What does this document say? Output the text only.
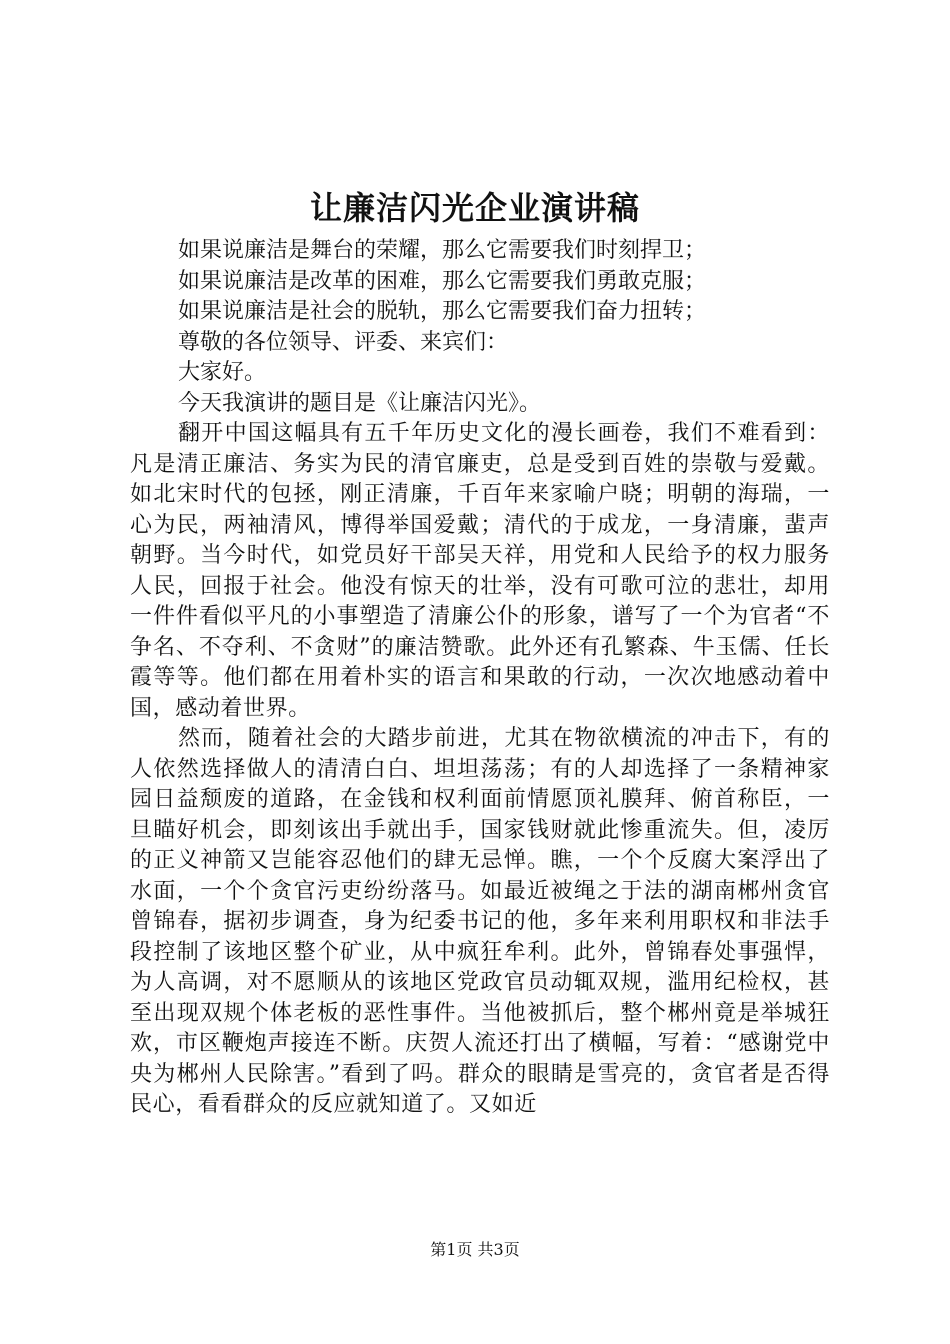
让廉洁闪光企业演讲稿

如果说廉洁是舞台的荣耀，那么它需要我们时刻捍卫；

如果说廉洁是改革的困难，那么它需要我们勇敢克服；

如果说廉洁是社会的脱轨，那么它需要我们奋力扭转；

尊敬的各位领导、评委、来宾们：

大家好。

今天我演讲的题目是《让廉洁闪光》。

翻开中国这幅具有五千年历史文化的漫长画卷，我们不难看到：凡是清正廉洁、务实为民的清官廉吏，总是受到百姓的崇敬与爱戴。如北宋时代的包拯，刚正清廉，千百年来家喻户晓；明朝的海瑞，一心为民，两袖清风，博得举国爱戴；清代的于成龙，一身清廉，蜚声朝野。当今时代，如党员好干部吴天祥，用党和人民给予的权力服务人民，回报于社会。他没有惊天的壮举，没有可歌可泣的悲壮，却用一件件看似平凡的小事塑造了清廉公仆的形象，谱写了一个为官者“不争名、不夺利、不贪财”的廉洁赞歌。此外还有孔繁森、牛玉儒、任长霞等等。他们都在用着朴实的语言和果敢的行动，一次次地感动着中国，感动着世界。

然而，随着社会的大踏步前进，尤其在物欲横流的冲击下，有的人依然选择做人的清清白白、坦坦荡荡；有的人却选择了一条精神家园日益颓废的道路，在金钱和权利面前情愿顶礼膜拜、俯首称臣，一旦瞄好机会，即刻该出手就出手，国家钱财就此惨重流失。但，凌厉的正义神箭又岂能容忍他们的肆无忌惮。瞧，一个个反腐大案浮出了水面，一个个贪官污吏纷纷落马。如最近被绳之于法的湖南郴州贪官曾锦春，据初步调查，身为纪委书记的他，多年来利用职权和非法手段控制了该地区整个矿业，从中疯狂牟利。此外，曾锦春处事强悍，为人高调，对不愿顺从的该地区党政官员动辄双规，滥用纪检权，甚至出现双规个体老板的恶性事件。当他被抓后，整个郴州竟是举城狂欢，市区鞭炮声接连不断。庆贺人流还打出了横幅，写着：“感谢党中央为郴州人民除害。”看到了吗。群众的眼睛是雪亮的，贪官者是否得民心，看看群众的反应就知道了。又如近

第1页 共3页
